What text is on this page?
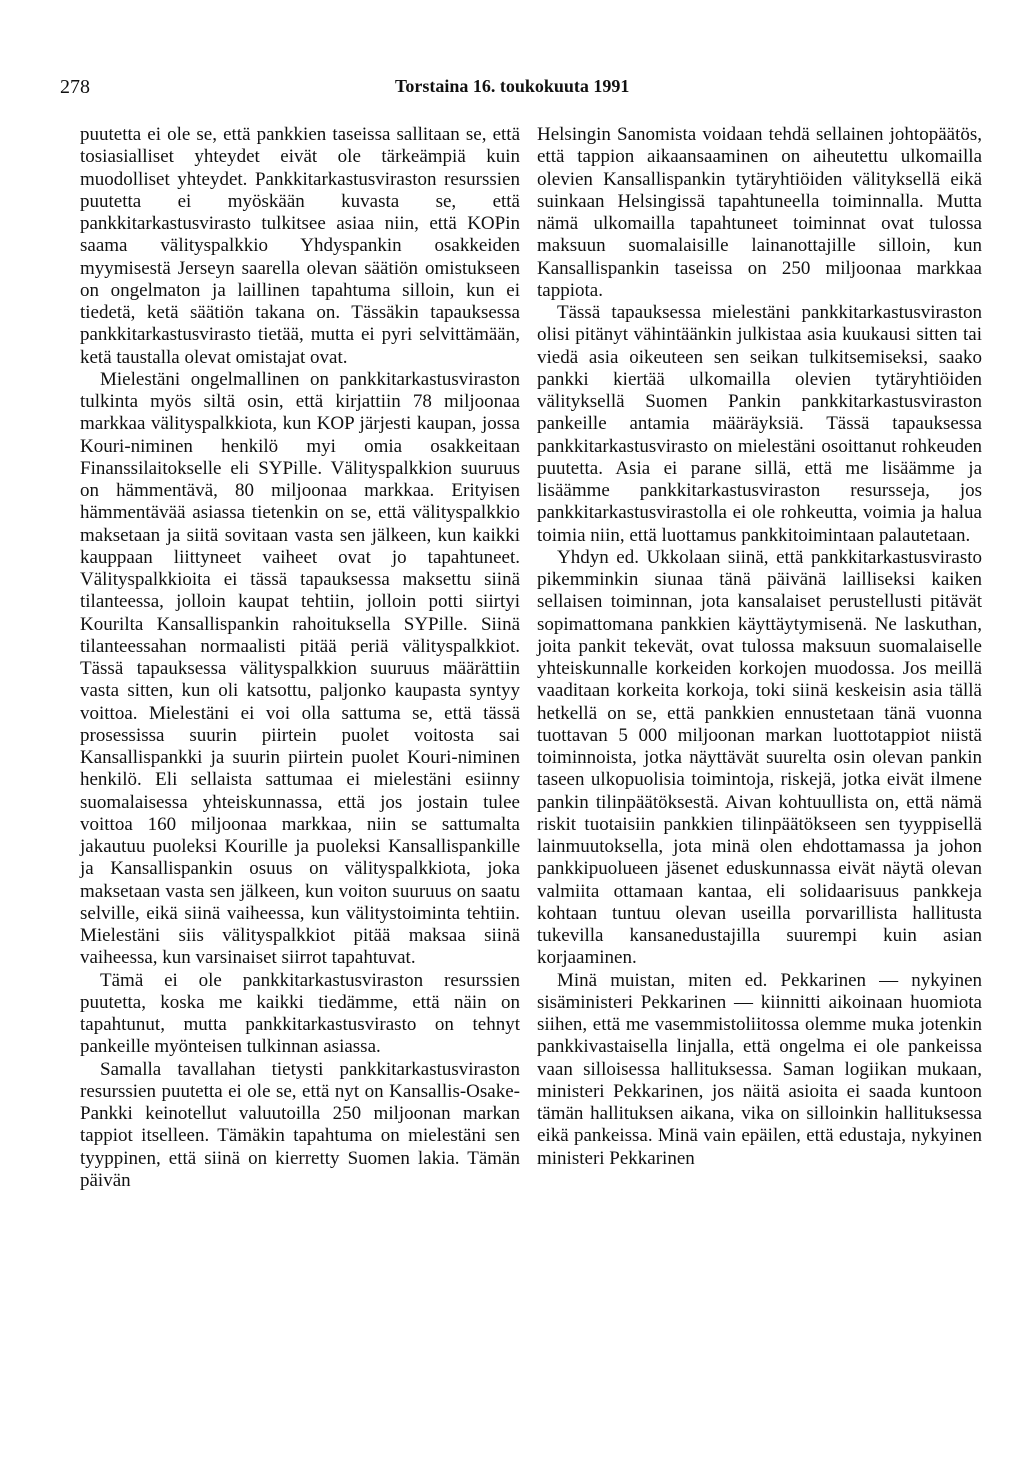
278	Torstaina 16. toukokuuta 1991

puutetta ei ole se, että pankkien taseissa sallitaan se, että tosiasialliset yhteydet eivät ole tärkeämpiä kuin muodolliset yhteydet. Pankkitarkastusviraston resurssien puutetta ei myöskään kuvasta se, että pankkitarkastusvirasto tulkitsee asiaa niin, että KOPin saama välityspalkkio Yhdyspankin osakkeiden myymisestä Jerseyn saarella olevan säätiön omistukseen on ongelmaton ja laillinen tapahtuma silloin, kun ei tiedetä, ketä säätiön takana on. Tässäkin tapauksessa pankkitarkastusvirasto tietää, mutta ei pyri selvittämään, ketä taustalla olevat omistajat ovat.

Mielestäni ongelmallinen on pankkitarkastusviraston tulkinta myös siltä osin, että kirjattiin 78 miljoonaa markkaa välityspalkkiota, kun KOP järjesti kaupan, jossa Kouri-niminen henkilö myi omia osakkeitaan Finanssilaitokselle eli SYPille. Välityspalkkion suuruus on hämmentävä, 80 miljoonaa markkaa. Erityisen hämmentävää asiassa tietenkin on se, että välityspalkkio maksetaan ja siitä sovitaan vasta sen jälkeen, kun kaikki kauppaan liittyneet vaiheet ovat jo tapahtuneet. Välityspalkkioita ei tässä tapauksessa maksettu siinä tilanteessa, jolloin kaupat tehtiin, jolloin potti siirtyi Kourilta Kansallispankin rahoituksella SYPille. Siinä tilanteessahan normaalisti pitää periä välityspalkkiot. Tässä tapauksessa välityspalkkion suuruus määrättiin vasta sitten, kun oli katsottu, paljonko kaupasta syntyy voittoa. Mielestäni ei voi olla sattuma se, että tässä prosessissa suurin piirtein puolet voitosta sai Kansallispankki ja suurin piirtein puolet Kouri-niminen henkilö. Eli sellaista sattumaa ei mielestäni esiinny suomalaisessa yhteiskunnassa, että jos jostain tulee voittoa 160 miljoonaa markkaa, niin se sattumalta jakautuu puoleksi Kourille ja puoleksi Kansallispankille ja Kansallispankin osuus on välityspalkkiota, joka maksetaan vasta sen jälkeen, kun voiton suuruus on saatu selville, eikä siinä vaiheessa, kun välitystoiminta tehtiin. Mielestäni siis välityspalkkiot pitää maksaa siinä vaiheessa, kun varsinaiset siirrot tapahtuvat.

Tämä ei ole pankkitarkastusviraston resurssien puutetta, koska me kaikki tiedämme, että näin on tapahtunut, mutta pankkitarkastusvirasto on tehnyt pankeille myönteisen tulkinnan asiassa.

Samalla tavallahan tietysti pankkitarkastusviraston resurssien puutetta ei ole se, että nyt on Kansallis-Osake-Pankki keinotellut valuutoilla 250 miljoonan markan tappiot itselleen. Tämäkin tapahtuma on mielestäni sen tyyppinen, että siinä on kierretty Suomen lakia. Tämän päivän

Helsingin Sanomista voidaan tehdä sellainen johtopäätös, että tappion aikaansaaminen on aiheutettu ulkomailla olevien Kansallispankin tytäryhtiöiden välityksellä eikä suinkaan Helsingissä tapahtuneella toiminnalla. Mutta nämä ulkomailla tapahtuneet toiminnat ovat tulossa maksuun suomalaisille lainanottajille silloin, kun Kansallispankin taseissa on 250 miljoonaa markkaa tappiota.

Tässä tapauksessa mielestäni pankkitarkastusviraston olisi pitänyt vähintäänkin julkistaa asia kuukausi sitten tai viedä asia oikeuteen sen seikan tulkitsemiseksi, saako pankki kiertää ulkomailla olevien tytäryhtiöiden välityksellä Suomen Pankin pankkitarkastusviraston pankeille antamia määräyksiä. Tässä tapauksessa pankkitarkastusvirasto on mielestäni osoittanut rohkeuden puutetta. Asia ei parane sillä, että me lisäämme ja lisäämme pankkitarkastusviraston resursseja, jos pankkitarkastusvirastolla ei ole rohkeutta, voimia ja halua toimia niin, että luottamus pankkitoimintaan palautetaan.

Yhdyn ed. Ukkolaan siinä, että pankkitarkastusvirasto pikemminkin siunaa tänä päivänä lailliseksi kaiken sellaisen toiminnan, jota kansalaiset perustellusti pitävät sopimattomana pankkien käyttäytymisenä. Ne laskuthan, joita pankit tekevät, ovat tulossa maksuun suomalaiselle yhteiskunnalle korkeiden korkojen muodossa. Jos meillä vaaditaan korkeita korkoja, toki siinä keskeisin asia tällä hetkellä on se, että pankkien ennustetaan tänä vuonna tuottavan 5 000 miljoonan markan luottotappiot niistä toiminnoista, jotka näyttävät suurelta osin olevan pankin taseen ulkopuolisia toimintoja, riskejä, jotka eivät ilmene pankin tilinpäätöksestä. Aivan kohtuullista on, että nämä riskit tuotaisiin pankkien tilinpäätökseen sen tyyppisellä lainmuutoksella, jota minä olen ehdottamassa ja johon pankkipuolueen jäsenet eduskunnassa eivät näytä olevan valmiita ottamaan kantaa, eli solidaarisuus pankkeja kohtaan tuntuu olevan useilla porvarillista hallitusta tukevilla kansanedustajilla suurempi kuin asian korjaaminen.

Minä muistan, miten ed. Pekkarinen — nykyinen sisäministeri Pekkarinen — kiinnitti aikoinaan huomiota siihen, että me vasemmistoliitossa olemme muka jotenkin pankkivastaisella linjalla, että ongelma ei ole pankeissa vaan silloisessa hallituksessa. Saman logiikan mukaan, ministeri Pekkarinen, jos näitä asioita ei saada kuntoon tämän hallituksen aikana, vika on silloinkin hallituksessa eikä pankeissa. Minä vain epäilen, että edustaja, nykyinen ministeri Pekkarinen
